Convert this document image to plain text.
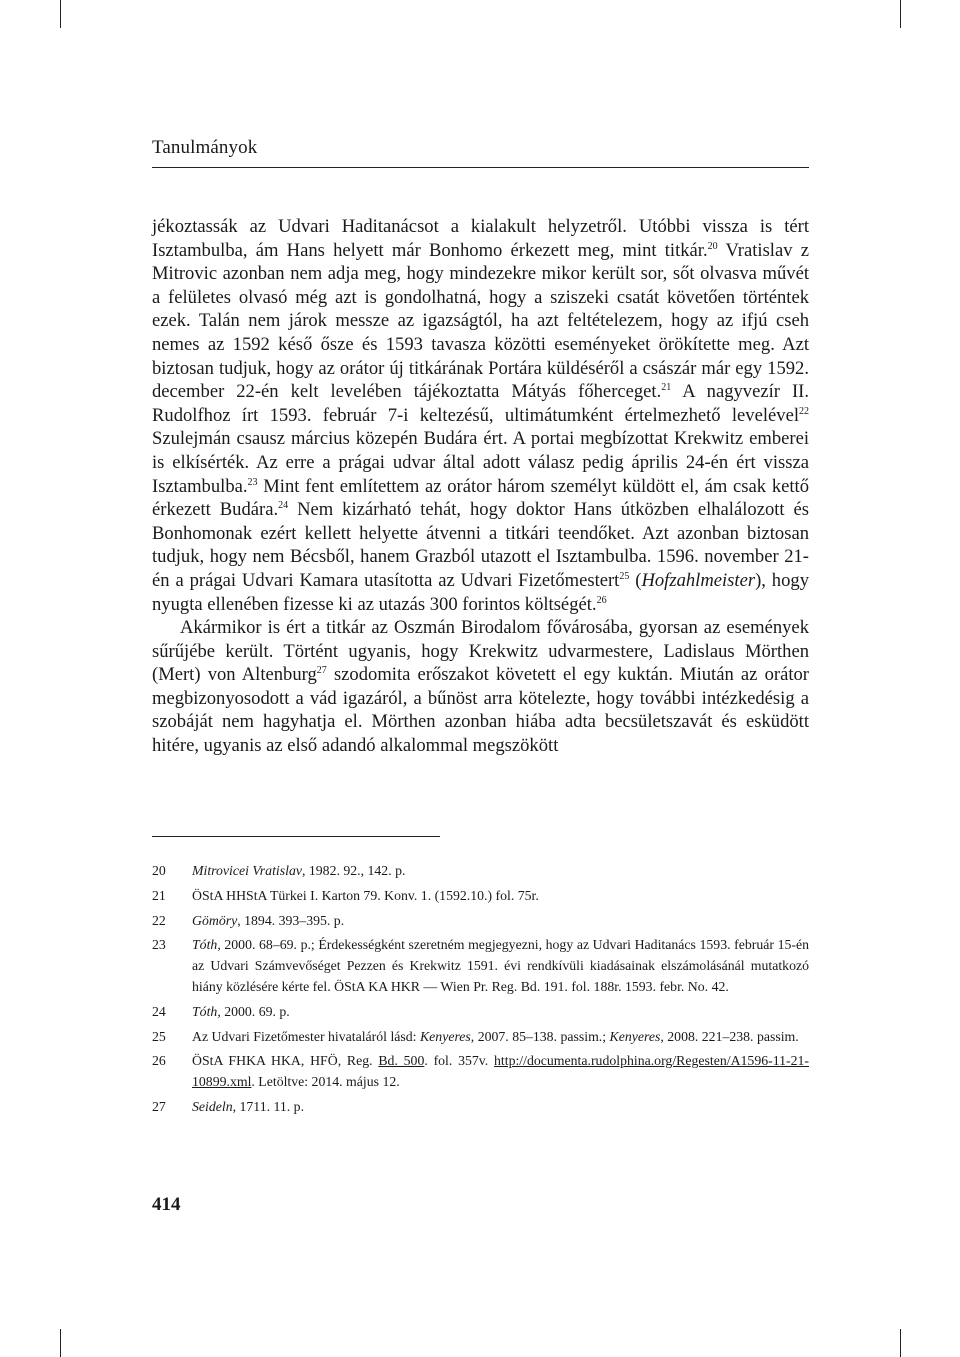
Tanulmányok

jékoztassák az Udvari Haditanácsot a kialakult helyzetről. Utóbbi vissza is tért Isztambulba, ám Hans helyett már Bonhomo érkezett meg, mint titkár.$^{20}$ Vratislav z Mitrovic azonban nem adja meg, hogy mindezekre mikor került sor, sőt olvasva művét a felületes olvasó még azt is gondolhatná, hogy a sziszeki csatát követően történtek ezek. Talán nem járok messze az igazságtól, ha azt feltételezem, hogy az ifjú cseh nemes az 1592 késő ősze és 1593 tavasza közötti eseményeket örökítette meg. Azt biztosan tudjuk, hogy az orátor új titkárának Portára küldéséről a császár már egy 1592. december 22-én kelt levelében tájékoztatta Mátyás főherceget.$^{21}$ A nagyvezír II. Rudolfhoz írt 1593. február 7-i keltezésű, ultimátumként értelmezhető levelével$^{22}$ Szulejmán csausz március közepén Budára ért. A portai megbízottat Krekwitz emberei is elkísérték. Az erre a prágai udvar által adott válasz pedig április 24-én ért vissza Isztambulba.$^{23}$ Mint fent említettem az orátor három személyt küldött el, ám csak kettő érkezett Budára.$^{24}$ Nem kizárható tehát, hogy doktor Hans útközben elhalálozott és Bonhomonak ezért kellett helyette átvenni a titkári teendőket. Azt azonban biztosan tudjuk, hogy nem Bécsből, hanem Grazból utazott el Isztambulba. 1596. november 21-én a prágai Udvari Kamara utasította az Udvari Fizetőmestert$^{25}$ (Hofzahlmeister), hogy nyugta ellenében fizesse ki az utazás 300 forintos költségét.$^{26}$

Akármikor is ért a titkár az Oszmán Birodalom fővárosába, gyorsan az események sűrűjébe került. Történt ugyanis, hogy Krekwitz udvarmestere, Ladislaus Mörthen (Mert) von Altenburg$^{27}$ szodomita erőszakot követett el egy kuktán. Miután az orátor megbizonyosodott a vád igazáról, a bűnöst arra kötelezte, hogy további intézkedésig a szobáját nem hagyhatja el. Mörthen azonban hiába adta becsületszavát és esküdött hitére, ugyanis az első adandó alkalommal megszökött

20	Mitrovicei Vratislav, 1982. 92., 142. p.
21	ÖStA HHStA Türkei I. Karton 79. Konv. 1. (1592.10.) fol. 75r.
22	Gömöry, 1894. 393–395. p.
23	Tóth, 2000. 68–69. p.; Érdekességként szeretném megjegyezni, hogy az Udvari Haditanács 1593. február 15-én az Udvari Számvevőséget Pezzen és Krekwitz 1591. évi rendkívüli kiadásainak elszámolásánál mutatkozó hiány közlésére kérte fel. ÖStA KA HKR — Wien Pr. Reg. Bd. 191. fol. 188r. 1593. febr. No. 42.
24	Tóth, 2000. 69. p.
25	Az Udvari Fizetőmester hivataláról lásd: Kenyeres, 2007. 85–138. passim.; Kenyeres, 2008. 221–238. passim.
26	ÖStA FHKA HKA, HFÖ, Reg. Bd. 500. fol. 357v. http://documenta.rudolphina.org/Regesten/A1596-11-21-10899.xml. Letöltve: 2014. május 12.
27	Seideln, 1711. 11. p.
414
